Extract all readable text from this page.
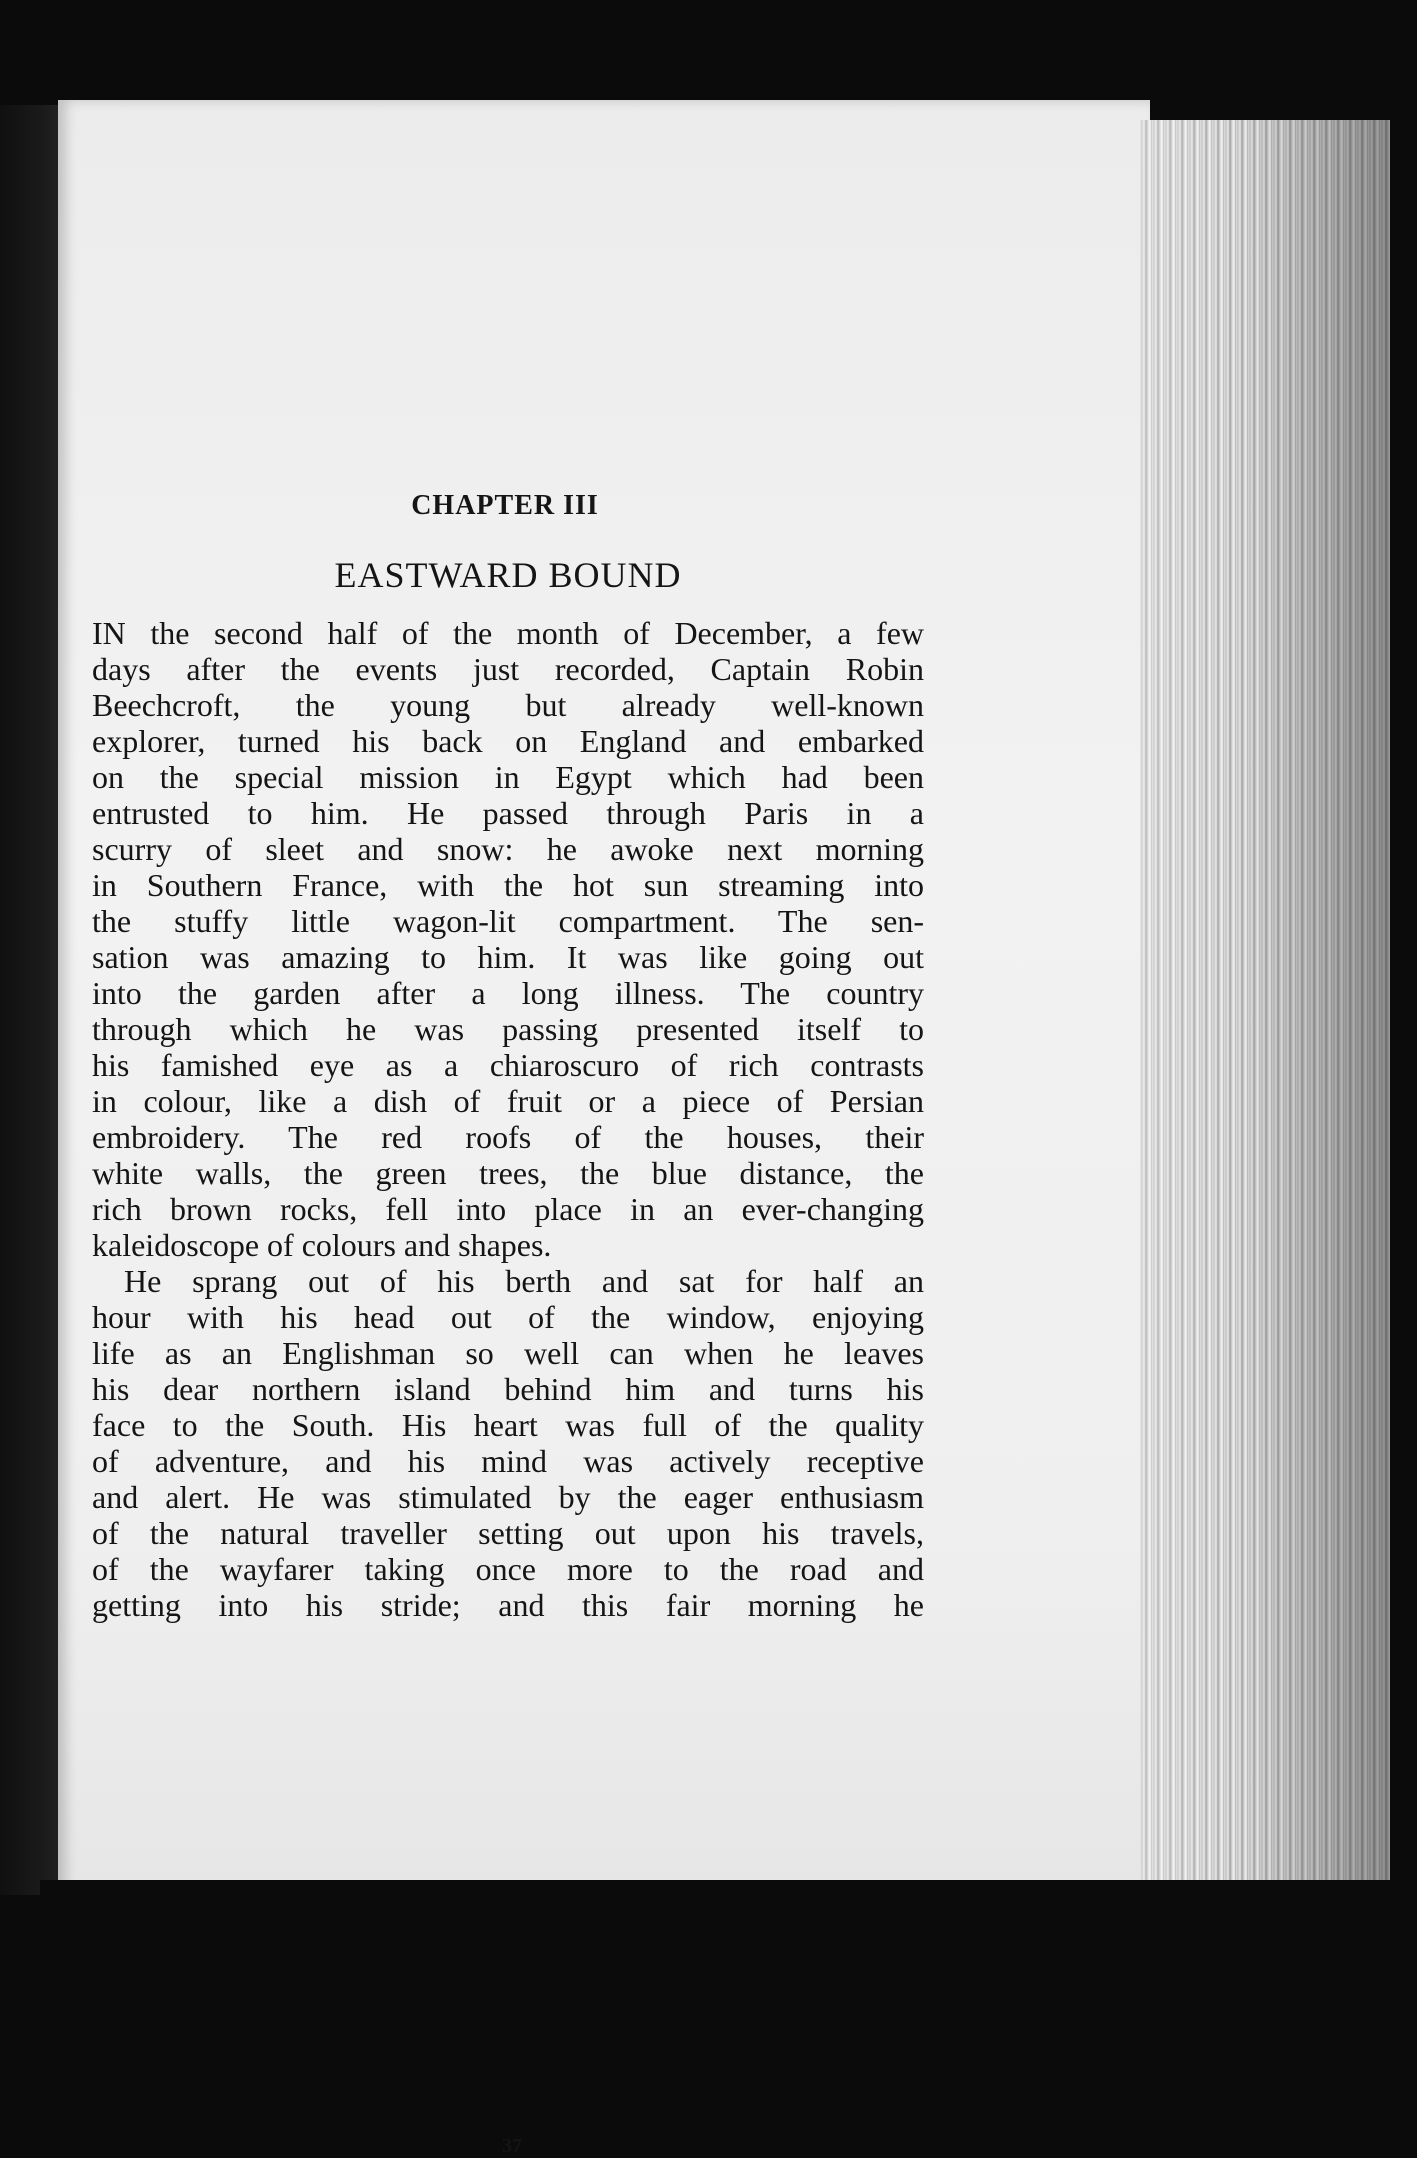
CHAPTER III
EASTWARD BOUND
IN the second half of the month of December, a few
days after the events just recorded, Captain Robin
Beechcroft, the young but already well-known
explorer, turned his back on England and embarked
on the special mission in Egypt which had been
entrusted to him. He passed through Paris in a
scurry of sleet and snow: he awoke next morning
in Southern France, with the hot sun streaming into
the stuffy little wagon-lit compartment. The sen-
sation was amazing to him. It was like going out
into the garden after a long illness. The country
through which he was passing presented itself to
his famished eye as a chiaroscuro of rich contrasts
in colour, like a dish of fruit or a piece of Persian
embroidery. The red roofs of the houses, their
white walls, the green trees, the blue distance, the
rich brown rocks, fell into place in an ever-changing
kaleidoscope of colours and shapes.
He sprang out of his berth and sat for half an
hour with his head out of the window, enjoying
life as an Englishman so well can when he leaves
his dear northern island behind him and turns his
face to the South. His heart was full of the quality
of adventure, and his mind was actively receptive
and alert. He was stimulated by the eager enthusiasm
of the natural traveller setting out upon his travels,
of the wayfarer taking once more to the road and
getting into his stride; and this fair morning he
37
